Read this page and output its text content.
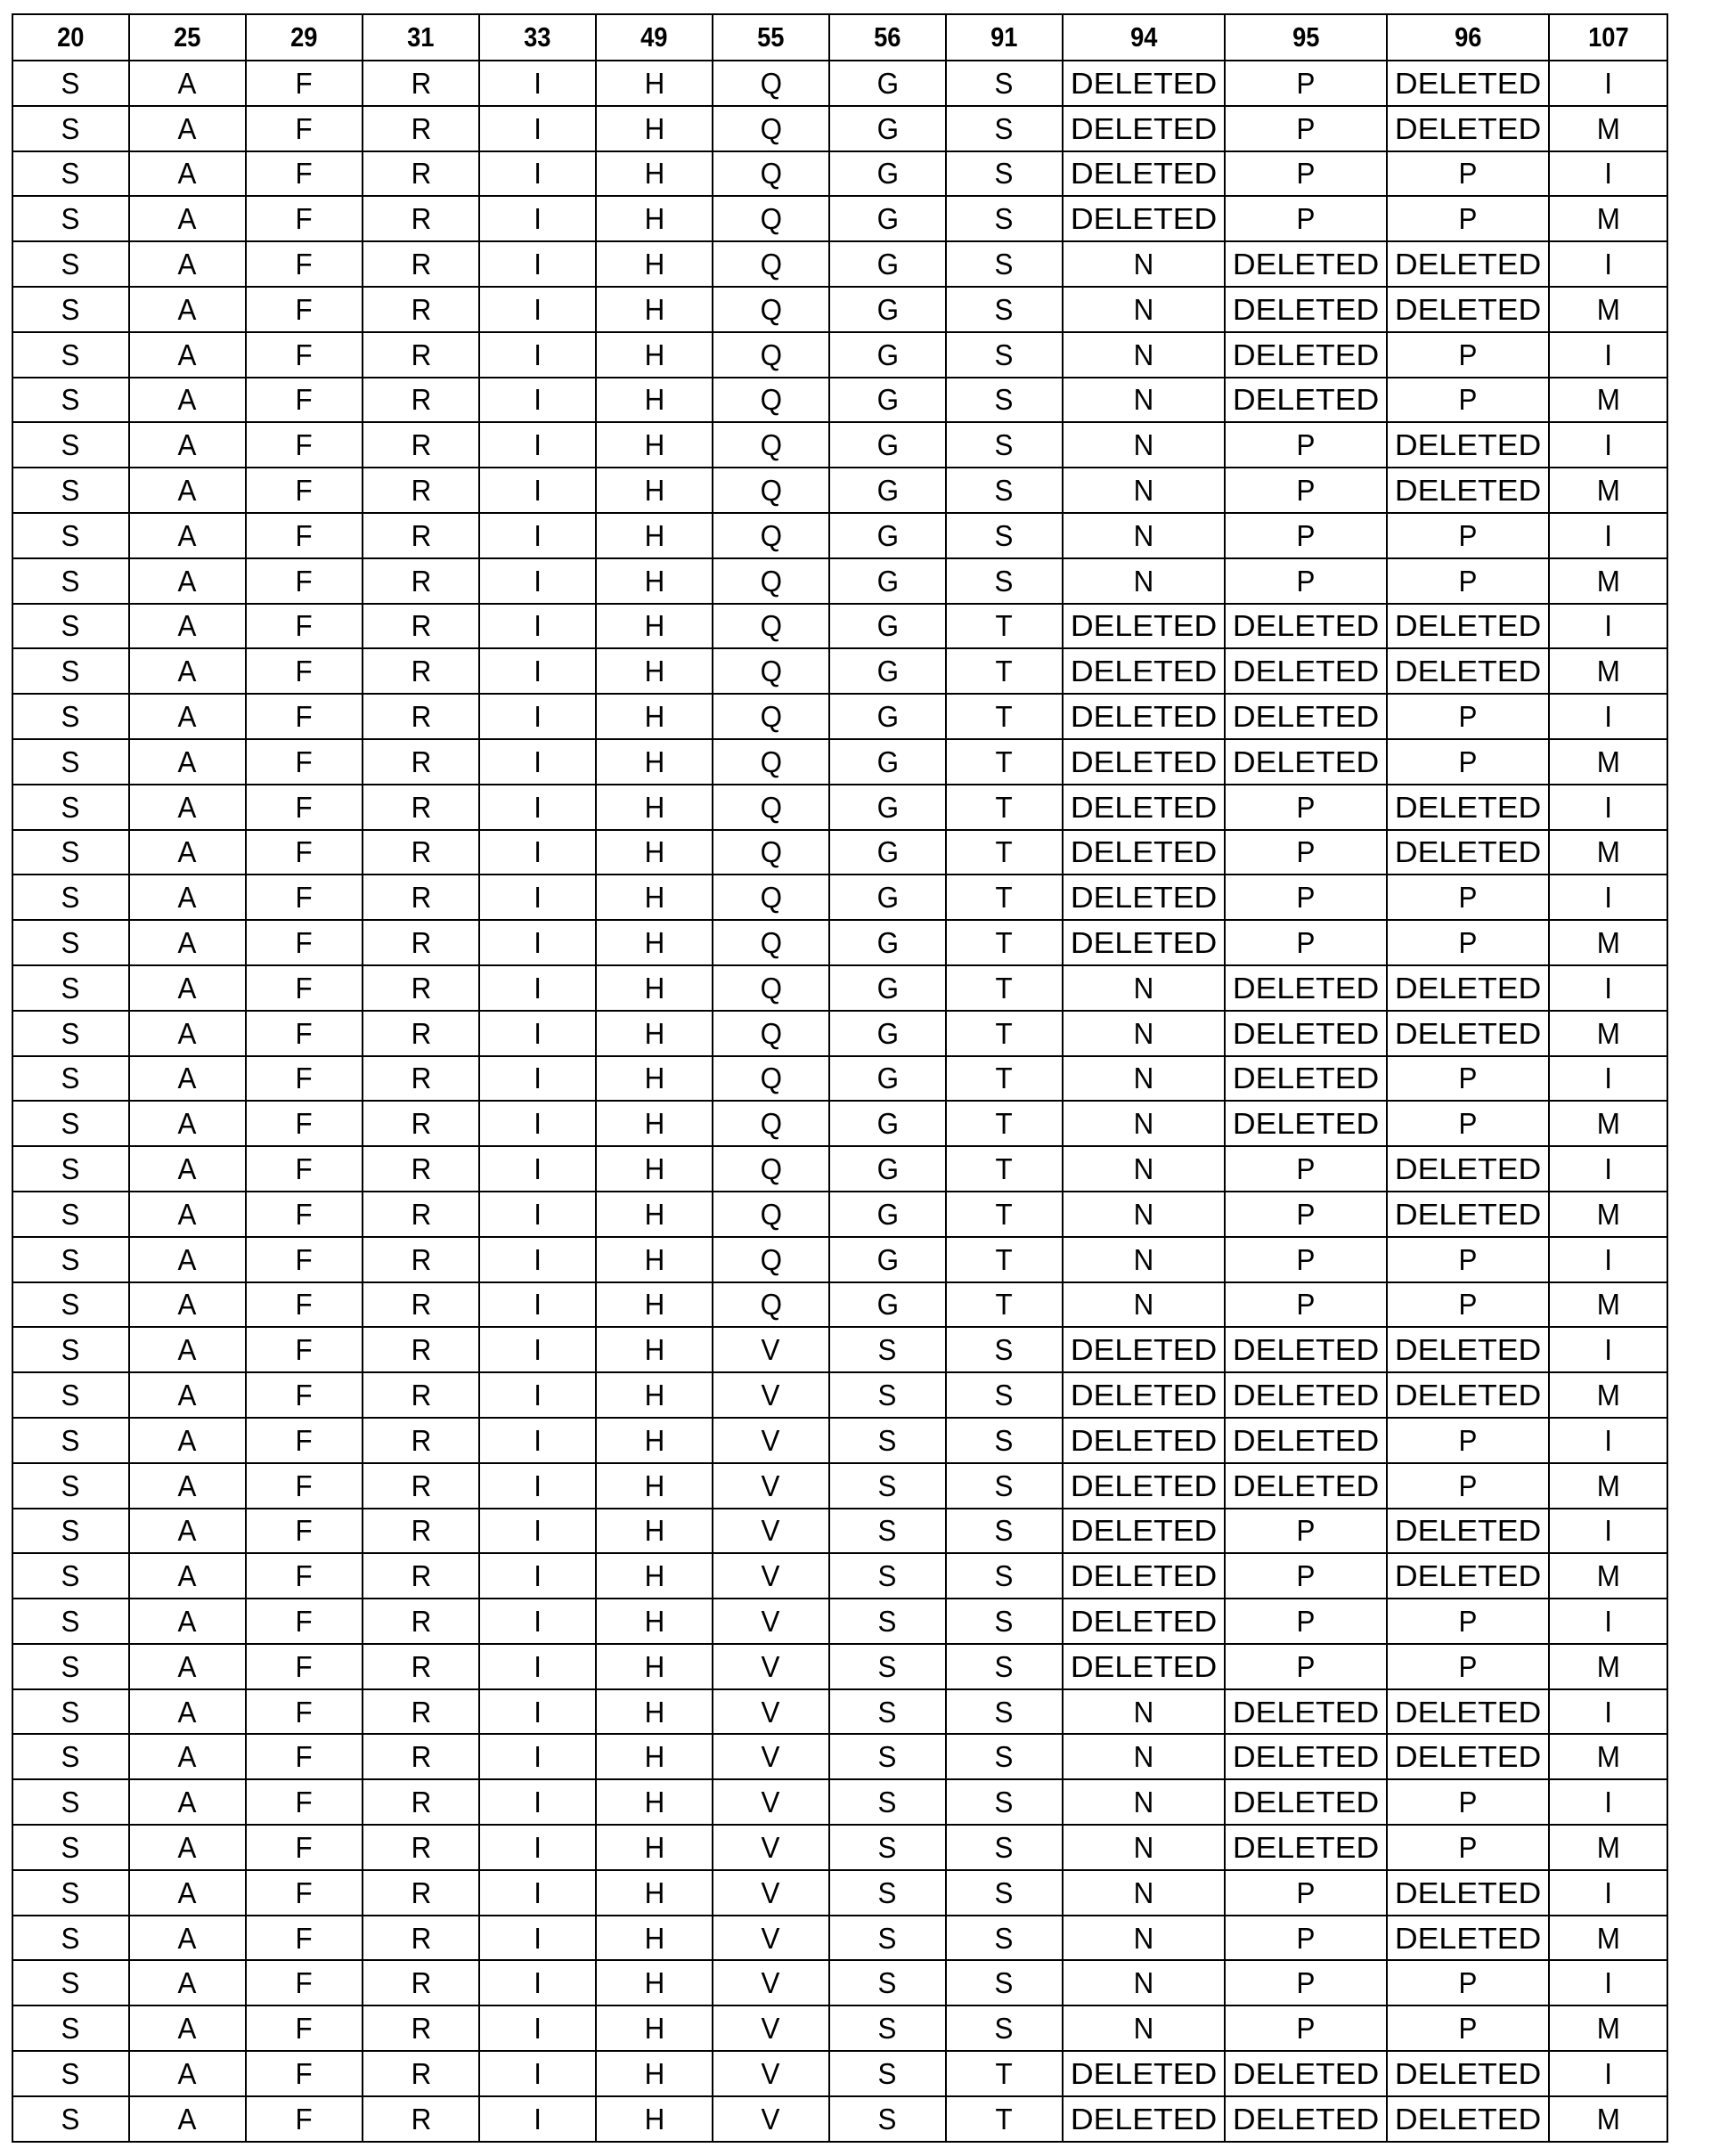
20	25	29	31	33	49	55	56	91	94	95	96	107
S	A	F	R	I	H	Q	G	S	DELETED	P	DELETED	I
S	A	F	R	I	H	Q	G	S	DELETED	P	DELETED	M
S	A	F	R	I	H	Q	G	S	DELETED	P	P	I
S	A	F	R	I	H	Q	G	S	DELETED	P	P	M
S	A	F	R	I	H	Q	G	S	N	DELETED	DELETED	I
S	A	F	R	I	H	Q	G	S	N	DELETED	DELETED	M
S	A	F	R	I	H	Q	G	S	N	DELETED	P	I
S	A	F	R	I	H	Q	G	S	N	DELETED	P	M
S	A	F	R	I	H	Q	G	S	N	P	DELETED	I
S	A	F	R	I	H	Q	G	S	N	P	DELETED	M
S	A	F	R	I	H	Q	G	S	N	P	P	I
S	A	F	R	I	H	Q	G	S	N	P	P	M
S	A	F	R	I	H	Q	G	T	DELETED	DELETED	DELETED	I
S	A	F	R	I	H	Q	G	T	DELETED	DELETED	DELETED	M
S	A	F	R	I	H	Q	G	T	DELETED	DELETED	P	I
S	A	F	R	I	H	Q	G	T	DELETED	DELETED	P	M
S	A	F	R	I	H	Q	G	T	DELETED	P	DELETED	I
S	A	F	R	I	H	Q	G	T	DELETED	P	DELETED	M
S	A	F	R	I	H	Q	G	T	DELETED	P	P	I
S	A	F	R	I	H	Q	G	T	DELETED	P	P	M
S	A	F	R	I	H	Q	G	T	N	DELETED	DELETED	I
S	A	F	R	I	H	Q	G	T	N	DELETED	DELETED	M
S	A	F	R	I	H	Q	G	T	N	DELETED	P	I
S	A	F	R	I	H	Q	G	T	N	DELETED	P	M
S	A	F	R	I	H	Q	G	T	N	P	DELETED	I
S	A	F	R	I	H	Q	G	T	N	P	DELETED	M
S	A	F	R	I	H	Q	G	T	N	P	P	I
S	A	F	R	I	H	Q	G	T	N	P	P	M
S	A	F	R	I	H	V	S	S	DELETED	DELETED	DELETED	I
S	A	F	R	I	H	V	S	S	DELETED	DELETED	DELETED	M
S	A	F	R	I	H	V	S	S	DELETED	DELETED	P	I
S	A	F	R	I	H	V	S	S	DELETED	DELETED	P	M
S	A	F	R	I	H	V	S	S	DELETED	P	DELETED	I
S	A	F	R	I	H	V	S	S	DELETED	P	DELETED	M
S	A	F	R	I	H	V	S	S	DELETED	P	P	I
S	A	F	R	I	H	V	S	S	DELETED	P	P	M
S	A	F	R	I	H	V	S	S	N	DELETED	DELETED	I
S	A	F	R	I	H	V	S	S	N	DELETED	DELETED	M
S	A	F	R	I	H	V	S	S	N	DELETED	P	I
S	A	F	R	I	H	V	S	S	N	DELETED	P	M
S	A	F	R	I	H	V	S	S	N	P	DELETED	I
S	A	F	R	I	H	V	S	S	N	P	DELETED	M
S	A	F	R	I	H	V	S	S	N	P	P	I
S	A	F	R	I	H	V	S	S	N	P	P	M
S	A	F	R	I	H	V	S	T	DELETED	DELETED	DELETED	I
S	A	F	R	I	H	V	S	T	DELETED	DELETED	DELETED	M
